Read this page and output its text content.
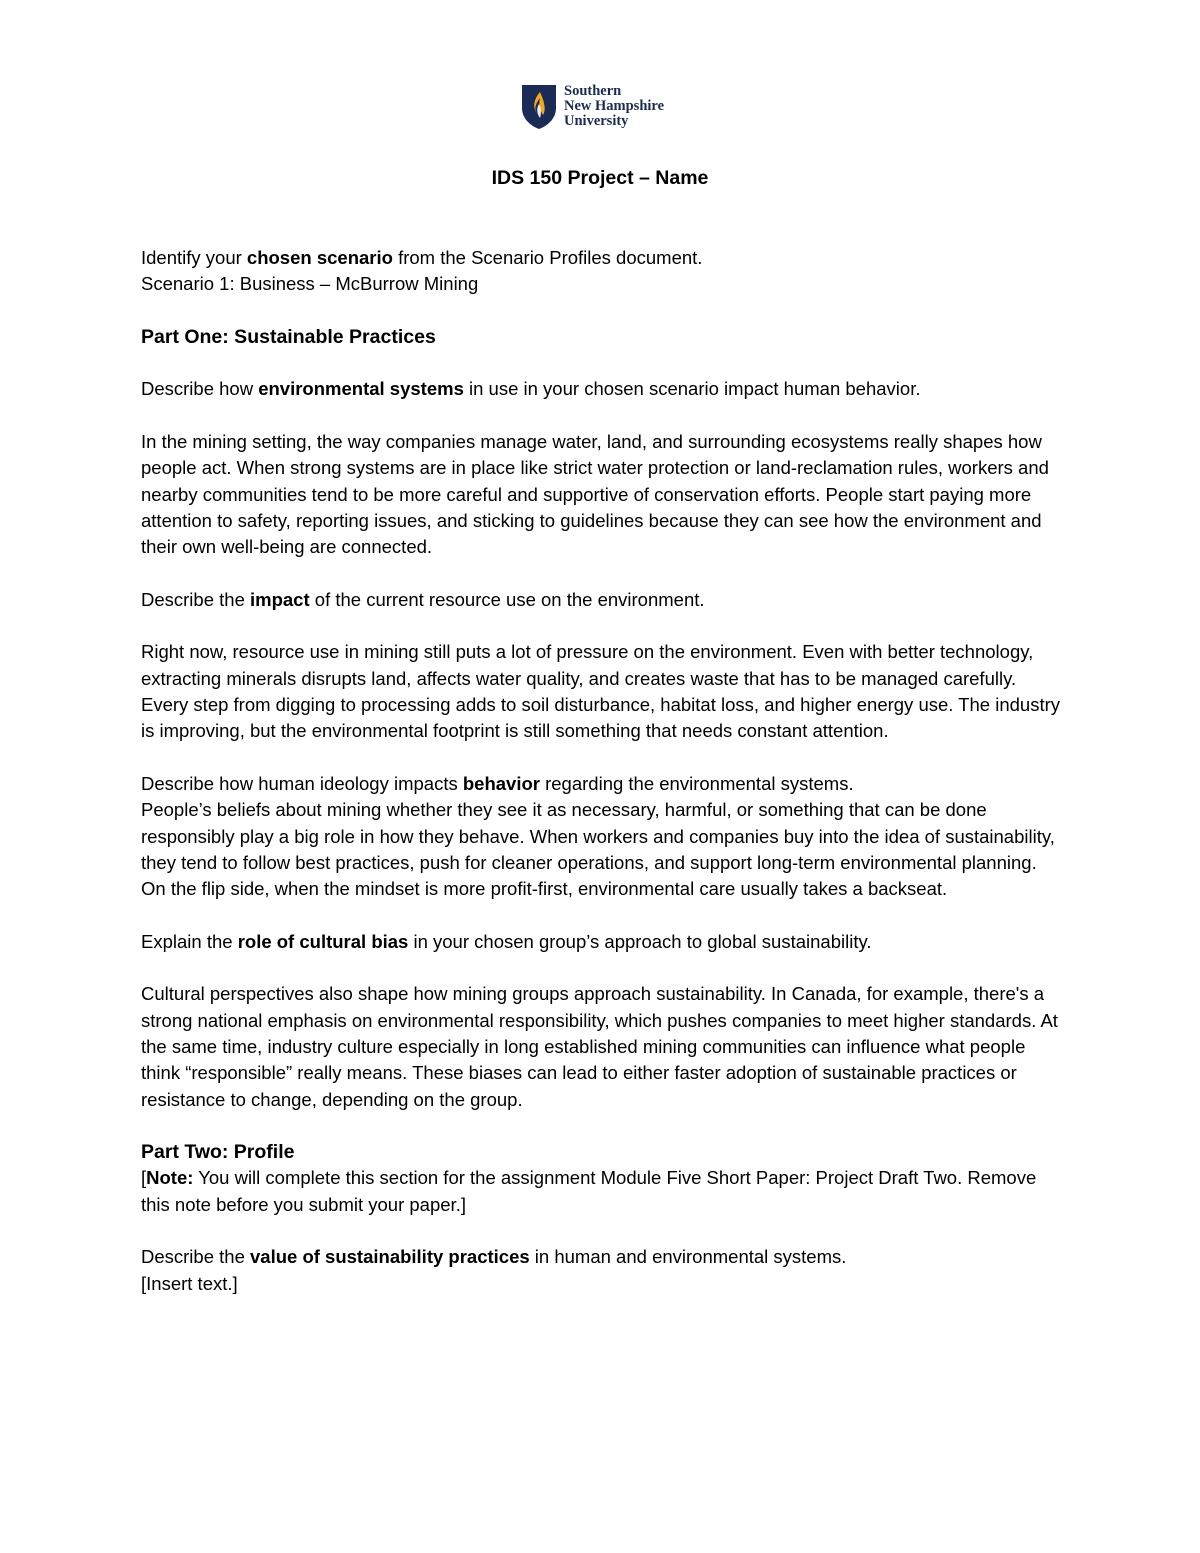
Southern
New Hampshire
University
IDS 150 Project – Name

Identify your chosen scenario from the Scenario Profiles document.

Scenario 1: Business – McBurrow Mining

Part One: Sustainable Practices

Describe how environmental systems in use in your chosen scenario impact human behavior.

In the mining setting, the way companies manage water, land, and surrounding ecosystems really shapes how people act. When strong systems are in place like strict water protection or land-reclamation rules, workers and nearby communities tend to be more careful and supportive of conservation efforts. People start paying more attention to safety, reporting issues, and sticking to guidelines because they can see how the environment and their own well-being are connected.

Describe the impact of the current resource use on the environment.

Right now, resource use in mining still puts a lot of pressure on the environment. Even with better technology, extracting minerals disrupts land, affects water quality, and creates waste that has to be managed carefully. Every step from digging to processing adds to soil disturbance, habitat loss, and higher energy use. The industry is improving, but the environmental footprint is still something that needs constant attention.

Describe how human ideology impacts behavior regarding the environmental systems.

People’s beliefs about mining whether they see it as necessary, harmful, or something that can be done responsibly play a big role in how they behave. When workers and companies buy into the idea of sustainability, they tend to follow best practices, push for cleaner operations, and support long-term environmental planning. On the flip side, when the mindset is more profit-first, environmental care usually takes a backseat.

Explain the role of cultural bias in your chosen group’s approach to global sustainability.

Cultural perspectives also shape how mining groups approach sustainability. In Canada, for example, there's a strong national emphasis on environmental responsibility, which pushes companies to meet higher standards. At the same time, industry culture especially in long established mining communities can influence what people think “responsible” really means. These biases can lead to either faster adoption of sustainable practices or resistance to change, depending on the group.

Part Two: Profile

[Note: You will complete this section for the assignment Module Five Short Paper: Project Draft Two. Remove this note before you submit your paper.]

Describe the value of sustainability practices in human and environmental systems.

[Insert text.]
